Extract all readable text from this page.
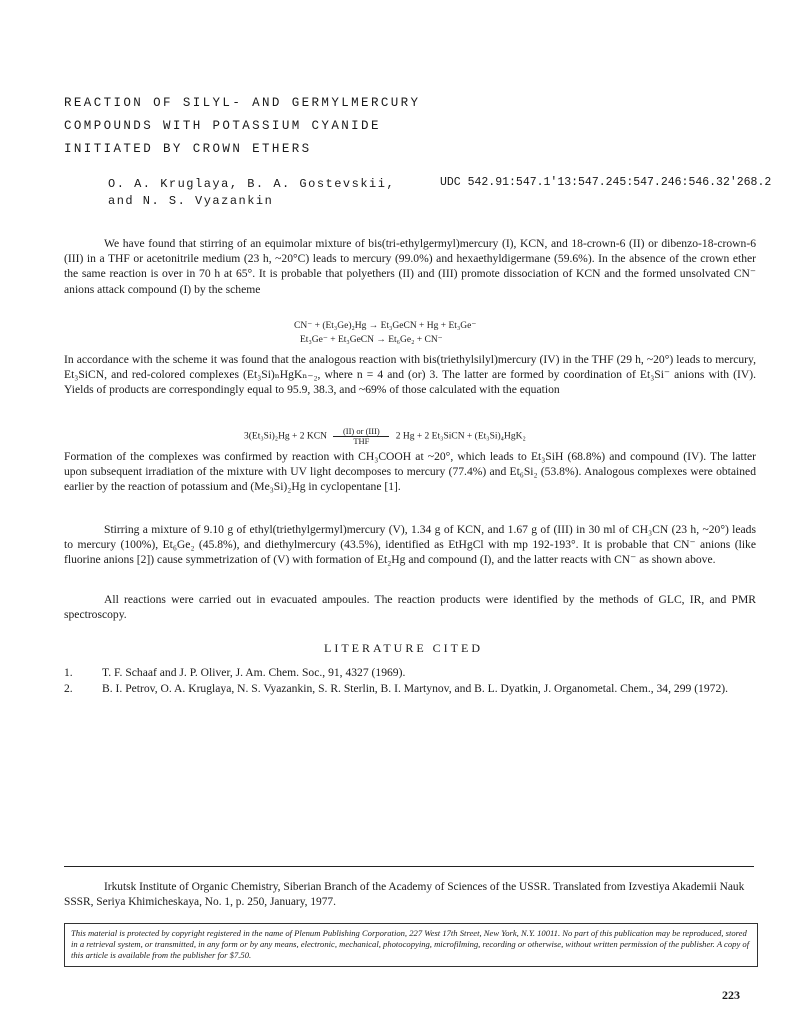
REACTION OF SILYL- AND GERMYLMERCURY
COMPOUNDS WITH POTASSIUM CYANIDE
INITIATED BY CROWN ETHERS
O. A. Kruglaya, B. A. Gostevskii,
and N. S. Vyazankin
UDC 542.91:547.1'13:547.245:547.246:546.32'268.2
We have found that stirring of an equimolar mixture of bis(tri-ethylgermyl)mercury (I), KCN, and 18-crown-6 (II) or dibenzo-18-crown-6 (III) in a THF or acetonitrile medium (23 h, ~20°C) leads to mercury (99.0%) and hexaethyldigermane (59.6%). In the absence of the crown ether the same reaction is over in 70 h at 65°. It is probable that polyethers (II) and (III) promote dissociation of KCN and the formed unsolvated CN⁻ anions attack compound (I) by the scheme
CN⁻ + (Et₃Ge)₂Hg → Et₃GeCN + Hg + Et₃Ge⁻
Et₃Ge⁻ + Et₃GeCN → Et₆Ge₂ + CN⁻
In accordance with the scheme it was found that the analogous reaction with bis(triethylsilyl)mercury (IV) in the THF (29 h, ~20°) leads to mercury, Et₃SiCN, and red-colored complexes (Et₃Si)ₙHgKₙ₋₂, where n = 4 and (or) 3. The latter are formed by coordination of Et₃Si⁻ anions with (IV). Yields of products are correspondingly equal to 95.9, 38.3, and ~69% of those calculated with the equation
3(Et₃Si)₂Hg + 2 KCN
(II) or (III)
THF	2 Hg + 2 Et₃SiCN + (Et₃Si)₄HgK₂
Formation of the complexes was confirmed by reaction with CH₃COOH at ~20°, which leads to Et₃SiH (68.8%) and compound (IV). The latter upon subsequent irradiation of the mixture with UV light decomposes to mercury (77.4%) and Et₆Si₂ (53.8%). Analogous complexes were obtained earlier by the reaction of potassium and (Me₃Si)₂Hg in cyclopentane [1].
Stirring a mixture of 9.10 g of ethyl(triethylgermyl)mercury (V), 1.34 g of KCN, and 1.67 g of (III) in 30 ml of CH₃CN (23 h, ~20°) leads to mercury (100%), Et₆Ge₂ (45.8%), and diethylmercury (43.5%), identified as EtHgCl with mp 192-193°. It is probable that CN⁻ anions (like fluorine anions [2]) cause symmetrization of (V) with formation of Et₂Hg and compound (I), and the latter reacts with CN⁻ as shown above.
All reactions were carried out in evacuated ampoules. The reaction products were identified by the methods of GLC, IR, and PMR spectroscopy.
LITERATURE CITED
1.	T. F. Schaaf and J. P. Oliver, J. Am. Chem. Soc., 91, 4327 (1969).
2.	B. I. Petrov, O. A. Kruglaya, N. S. Vyazankin, S. R. Sterlin, B. I. Martynov, and B. L. Dyatkin, J. Organometal. Chem., 34, 299 (1972).
Irkutsk Institute of Organic Chemistry, Siberian Branch of the Academy of Sciences of the USSR. Translated from Izvestiya Akademii Nauk SSSR, Seriya Khimicheskaya, No. 1, p. 250, January, 1977.
This material is protected by copyright registered in the name of Plenum Publishing Corporation, 227 West 17th Street, New York, N.Y. 10011. No part of this publication may be reproduced, stored in a retrieval system, or transmitted, in any form or by any means, electronic, mechanical, photocopying, microfilming, recording or otherwise, without written permission of the publisher. A copy of this article is available from the publisher for $7.50.
223
